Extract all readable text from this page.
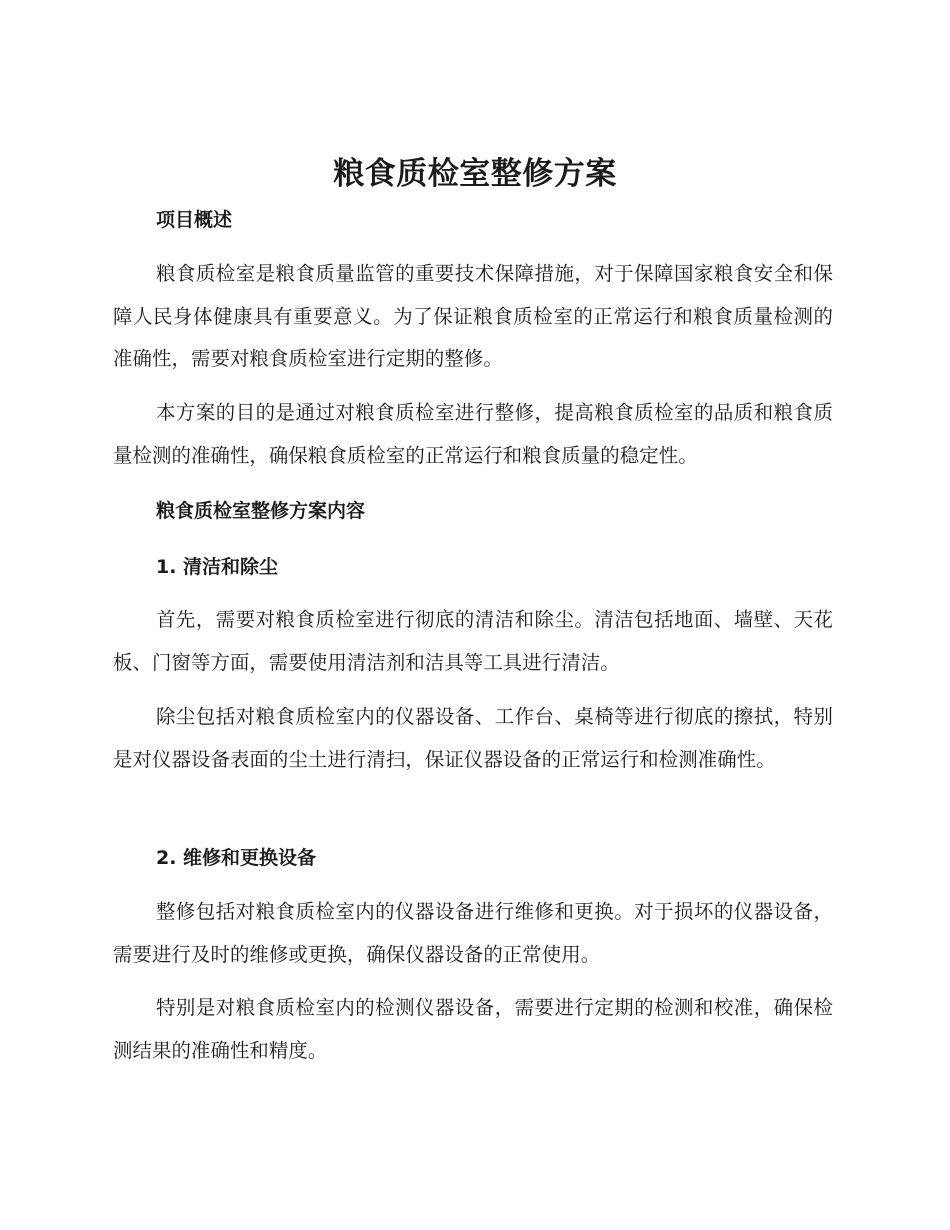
粮食质检室整修方案
项目概述

粮食质检室是粮食质量监管的重要技术保障措施，对于保障国家粮食安全和保障人民身体健康具有重要意义。为了保证粮食质检室的正常运行和粮食质量检测的准确性，需要对粮食质检室进行定期的整修。

本方案的目的是通过对粮食质检室进行整修，提高粮食质检室的品质和粮食质量检测的准确性，确保粮食质检室的正常运行和粮食质量的稳定性。

粮食质检室整修方案内容
1. 清洁和除尘

首先，需要对粮食质检室进行彻底的清洁和除尘。清洁包括地面、墙壁、天花板、门窗等方面，需要使用清洁剂和洁具等工具进行清洁。

除尘包括对粮食质检室内的仪器设备、工作台、桌椅等进行彻底的擦拭，特别是对仪器设备表面的尘土进行清扫，保证仪器设备的正常运行和检测准确性。

2. 维修和更换设备

整修包括对粮食质检室内的仪器设备进行维修和更换。对于损坏的仪器设备，需要进行及时的维修或更换，确保仪器设备的正常使用。

特别是对粮食质检室内的检测仪器设备，需要进行定期的检测和校准，确保检测结果的准确性和精度。
